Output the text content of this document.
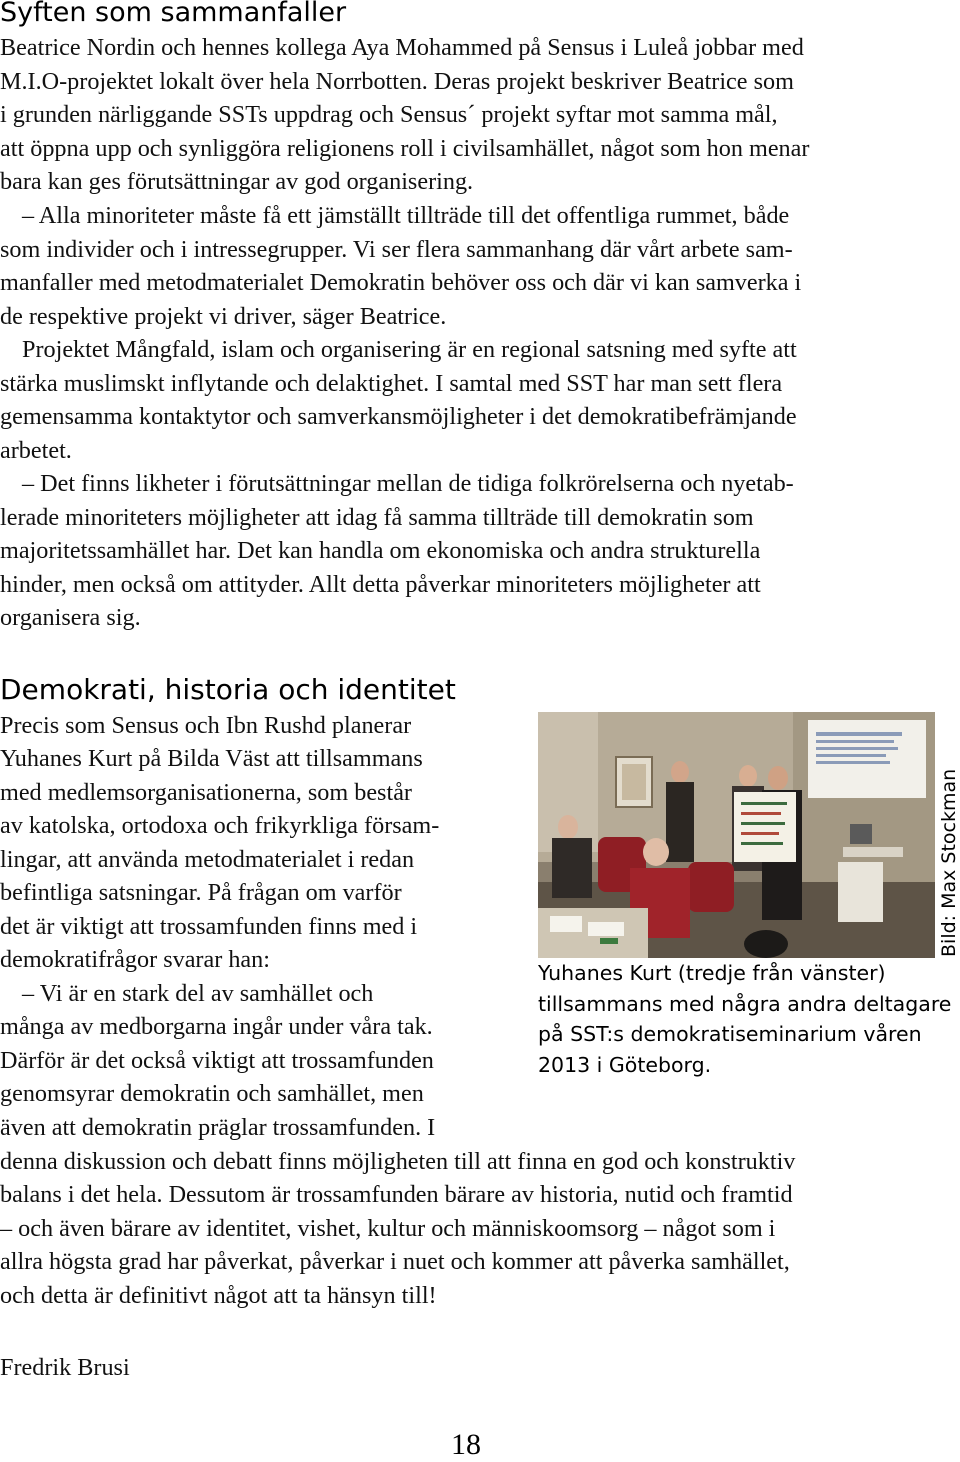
Syften som sammanfaller
Beatrice Nordin och hennes kollega Aya Mohammed på Sensus i Luleå jobbar med
M.I.O-projektet lokalt över hela Norrbotten. Deras projekt beskriver Beatrice som
i grunden närliggande SSTs uppdrag och Sensus´ projekt syftar mot samma mål,
att öppna upp och synliggöra religionens roll i civilsamhället, något som hon menar
bara kan ges förutsättningar av god organisering.
– Alla minoriteter måste få ett jämställt tillträde till det offentliga rummet, både
som individer och i intressegrupper. Vi ser flera sammanhang där vårt arbete sam-
manfaller med metodmaterialet Demokratin behöver oss och där vi kan samverka i
de respektive projekt vi driver, säger Beatrice.
Projektet Mångfald, islam och organisering är en regional satsning med syfte att
stärka muslimskt inflytande och delaktighet. I samtal med SST har man sett flera
gemensamma kontaktytor och samverkansmöjligheter i det demokratibefrämjande
arbetet.
– Det finns likheter i förutsättningar mellan de tidiga folkrörelserna och nyetab-
lerade minoriteters möjligheter att idag få samma tillträde till demokratin som
majoritetssamhället har. Det kan handla om ekonomiska och andra strukturella
hinder, men också om attityder. Allt detta påverkar minoriteters möjligheter att
organisera sig.
Demokrati, historia och identitet
Precis som Sensus och Ibn Rushd planerar
Yuhanes Kurt på Bilda Väst att tillsammans
med medlemsorganisationerna, som består
av katolska, ortodoxa och frikyrkliga försam-
lingar, att använda metodmaterialet i redan
befintliga satsningar. På frågan om varför
det är viktigt att trossamfunden finns med i
demokratifrågor svarar han:
– Vi är en stark del av samhället och
många av medborgarna ingår under våra tak.
Därför är det också viktigt att trossamfunden
genomsyrar demokratin och samhället, men
även att demokratin präglar trossamfunden. I
denna diskussion och debatt finns möjligheten till att finna en god och konstruktiv
balans i det hela. Dessutom är trossamfunden bärare av historia, nutid och framtid
– och även bärare av identitet, vishet, kultur och människoomsorg – något som i
allra högsta grad har påverkat, påverkar i nuet och kommer att påverka samhället,
och detta är definitivt något att ta hänsyn till!
Fredrik Brusi
Bild: Max Stockman
Yuhanes Kurt (tredje från vänster)
tillsammans med några andra deltagare
på SST:s demokratiseminarium våren
2013 i Göteborg.
18
